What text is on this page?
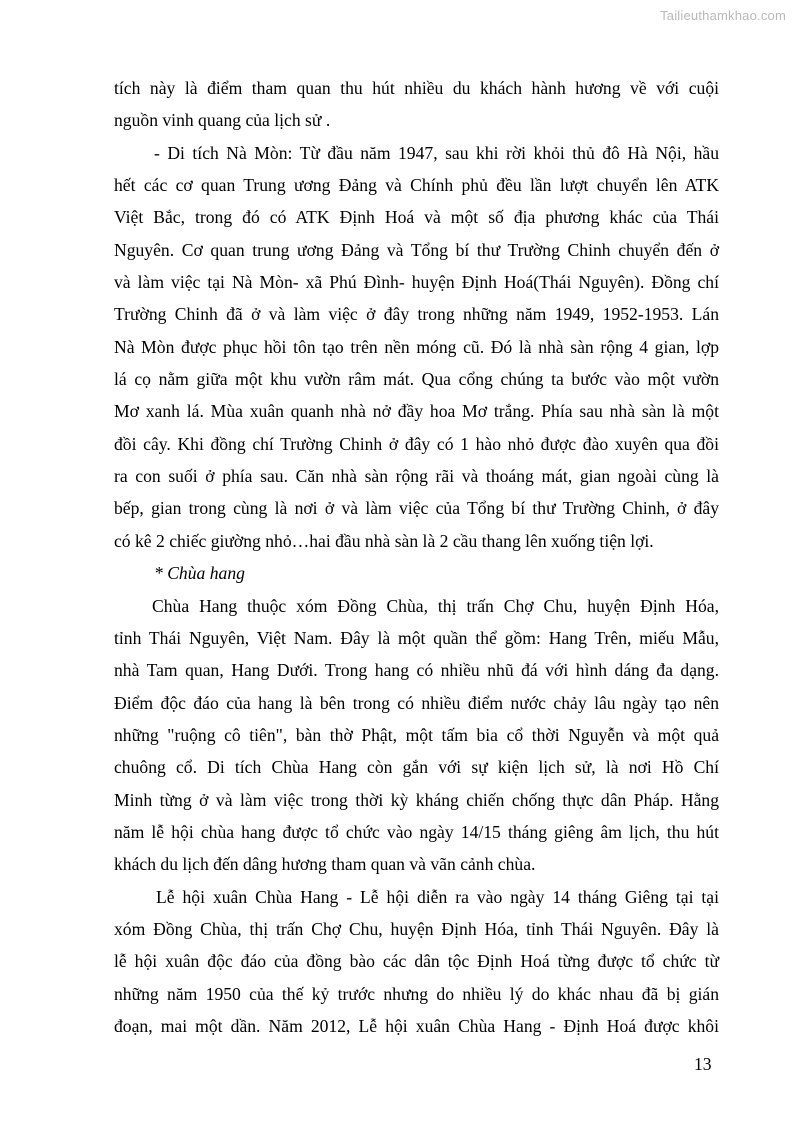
Tailieuthamkhao.com
tích này là điểm tham quan thu hút nhiều du khách hành hương về với cuội
nguồn vinh quang của lịch sử .
- Di tích Nà Mòn: Từ đầu năm 1947, sau khi rời khỏi thủ đô Hà Nội, hầu
hết các cơ quan Trung ương Đảng và Chính phủ đều lần lượt chuyển lên ATK
Việt Bắc, trong đó có ATK Định Hoá và một số địa phương khác của Thái
Nguyên. Cơ quan trung ương Đảng và Tổng bí thư Trường Chinh chuyển đến ở
và làm việc tại Nà Mòn- xã Phú Đình- huyện Định Hoá(Thái Nguyên). Đồng chí
Trường Chinh đã ở và làm việc ở đây trong những năm 1949, 1952-1953. Lán
Nà Mòn được phục hồi tôn tạo trên nền móng cũ. Đó là nhà sàn rộng 4 gian, lợp
lá cọ nằm giữa một khu vườn râm mát. Qua cổng chúng ta bước vào một vườn
Mơ xanh lá. Mùa xuân quanh nhà nở đầy hoa Mơ trắng. Phía sau nhà sàn là một
đồi cây. Khi đồng chí Trường Chinh ở đây có 1 hào nhỏ được đào xuyên qua đồi
ra con suối ở phía sau. Căn nhà sàn rộng rãi và thoáng mát, gian ngoài cùng là
bếp, gian trong cùng là nơi ở và làm việc của Tổng bí thư Trường Chinh, ở đây
có kê 2 chiếc giường nhỏ…hai đầu nhà sàn là 2 cầu thang lên xuống tiện lợi.
* Chùa hang
Chùa Hang thuộc xóm Đồng Chùa, thị trấn Chợ Chu, huyện Định Hóa,
tỉnh Thái Nguyên, Việt Nam. Đây là một quần thể gồm: Hang Trên, miếu Mẫu,
nhà Tam quan, Hang Dưới. Trong hang có nhiều nhũ đá với hình dáng đa dạng.
Điểm độc đáo của hang là bên trong có nhiều điểm nước chảy lâu ngày tạo nên
những "ruộng cô tiên", bàn thờ Phật, một tấm bia cổ thời Nguyễn và một quả
chuông cổ. Di tích Chùa Hang còn gắn với sự kiện lịch sử, là nơi Hồ Chí
Minh từng ở và làm việc trong thời kỳ kháng chiến chống thực dân Pháp. Hằng
năm lễ hội chùa hang được tổ chức vào ngày 14/15 tháng giêng âm lịch, thu hút
khách du lịch đến dâng hương tham quan và vãn cảnh chùa.
Lễ hội xuân Chùa Hang - Lễ hội diễn ra vào ngày 14 tháng Giêng tại tại
xóm Đồng Chùa, thị trấn Chợ Chu, huyện Định Hóa, tỉnh Thái Nguyên. Đây là
lễ hội xuân độc đáo của đồng bào các dân tộc Định Hoá từng được tổ chức từ
những năm 1950 của thế kỷ trước nhưng do nhiều lý do khác nhau đã bị gián
đoạn, mai một dần. Năm 2012, Lễ hội xuân Chùa Hang - Định Hoá được khôi
13
